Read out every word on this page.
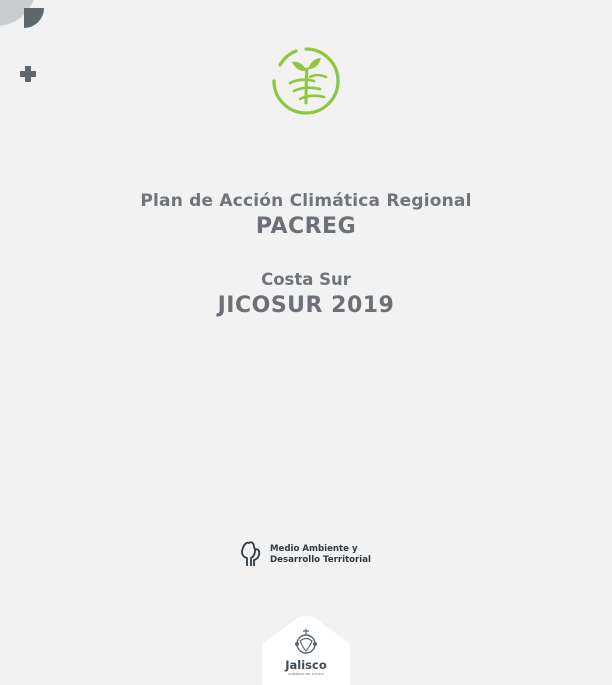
Plan de Acción Climática Regional
PACREG
Costa Sur
JICOSUR 2019
Medio Ambiente y
Desarrollo Territorial
Jalisco
GOBIERNO DEL ESTADO
